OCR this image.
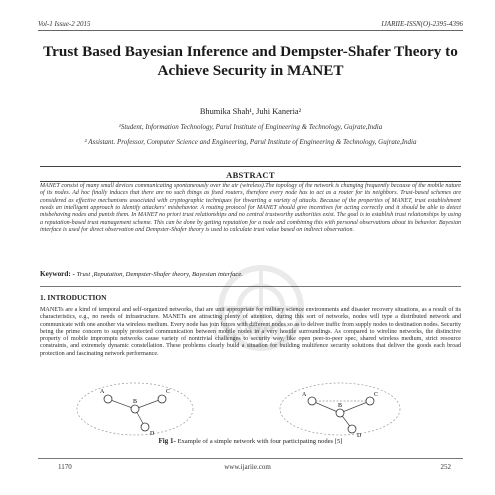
Vol-1 Issue-2 2015	IJARIIE-ISSN(O)-2395-4396
Trust Based Bayesian Inference and Dempster-Shafer Theory to Achieve Security in MANET
Bhumika Shah¹, Juhi Kaneria²
¹Student, Information Technology, Parul Institute of Engineering & Technology, Gujrate,India
² Assistant. Professor, Computer Science and Engineering, Parul Institute of Engineering & Technology, Gujrate,India
ABSTRACT
MANET consist of many small devices communicating spontaneously over the air (wireless).The topology of the network is changing frequently because of the mobile nature of its nodes. Ad hoc finally induces that there are no such things as fixed routers, therefore every node has to act as a router for its neighbors. Trust-based schemes are considered as effective mechanisms associated with cryptographic techniques for thwarting a variety of attacks. Because of the properties of MANET, trust establishment needs an intelligent approach to identify attackers' misbehavior. A routing protocol for MANET should give incentives for acting correctly and it should be able to detect misbehaving nodes and punish them. In MANET no priori trust relationships and no central trustworthy authorities exist. The goal is to establish trust relationships by using a reputation-based trust management scheme. This can be done by getting reputation for a node and combining this with personal observations about its behavior. Bayesian interface is used for direct observation and Dempster-Shafer theory is used to calculate trust value based on indirect observation.
Keyword: - Trust ,Reputation, Dempster-Shafer theory, Bayesian interface.
IJARIIE
1. INTRODUCTION
MANETs are a kind of temporal and self-organized networks, that are unit appropriate for military science environments and disaster recovery situations, as a result of its characteristics, e.g., no needs of infrastructure. MANETs are attracting plenty of attention, during this sort of networks, nodes will type a distributed network and communicate with one another via wireless medium. Every node has join forces with different nodes so as to deliver traffic from supply nodes to destination nodes. Security being the prime concern to supply protected communication between mobile nodes in a very hostile surroundings. As compared to wireline networks, the distinctive property of mobile impromptu networks cause variety of nontrivial challenges to security way, like open peer-to-peer spec, shared wireless medium, strict resource constraints, and extremely dynamic constellation. These problems clearly build a situation for building multifence security solutions that deliver the goods each broad protection and fascinating network performance.
A
B
C
D
A
B
C
D
Fig 1- Example of a simple network with four participating nodes [5]
1170	www.ijariie.com	252
